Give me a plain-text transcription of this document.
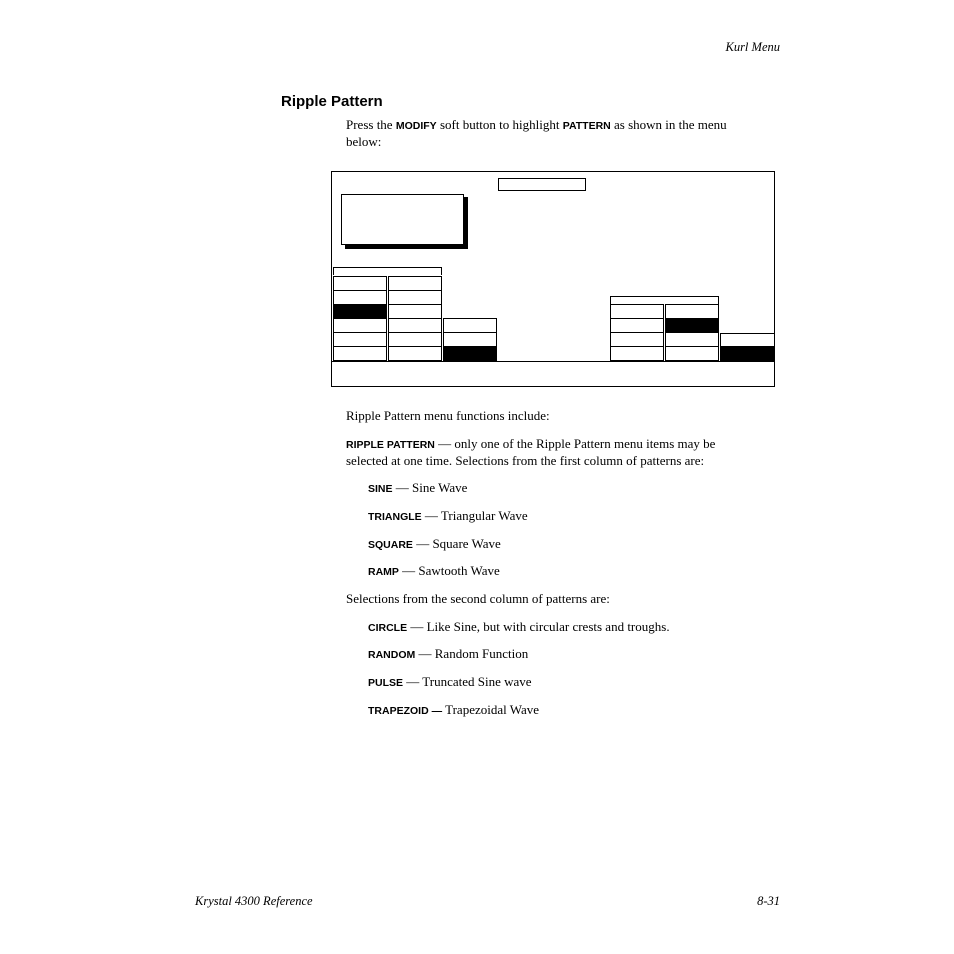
Kurl Menu
Ripple Pattern
Press the MODIFY soft button to highlight PATTERN as shown in the menu
below:
Ripple Pattern menu functions include:
RIPPLE PATTERN — only one of the Ripple Pattern menu items may be
selected at one time. Selections from the first column of patterns are:
SINE — Sine Wave
TRIANGLE — Triangular Wave
SQUARE — Square Wave
RAMP — Sawtooth Wave
Selections from the second column of patterns are:
CIRCLE — Like Sine, but with circular crests and troughs.
RANDOM — Random Function
PULSE — Truncated Sine wave
TRAPEZOID — Trapezoidal Wave
Krystal 4300 Reference	8-31
